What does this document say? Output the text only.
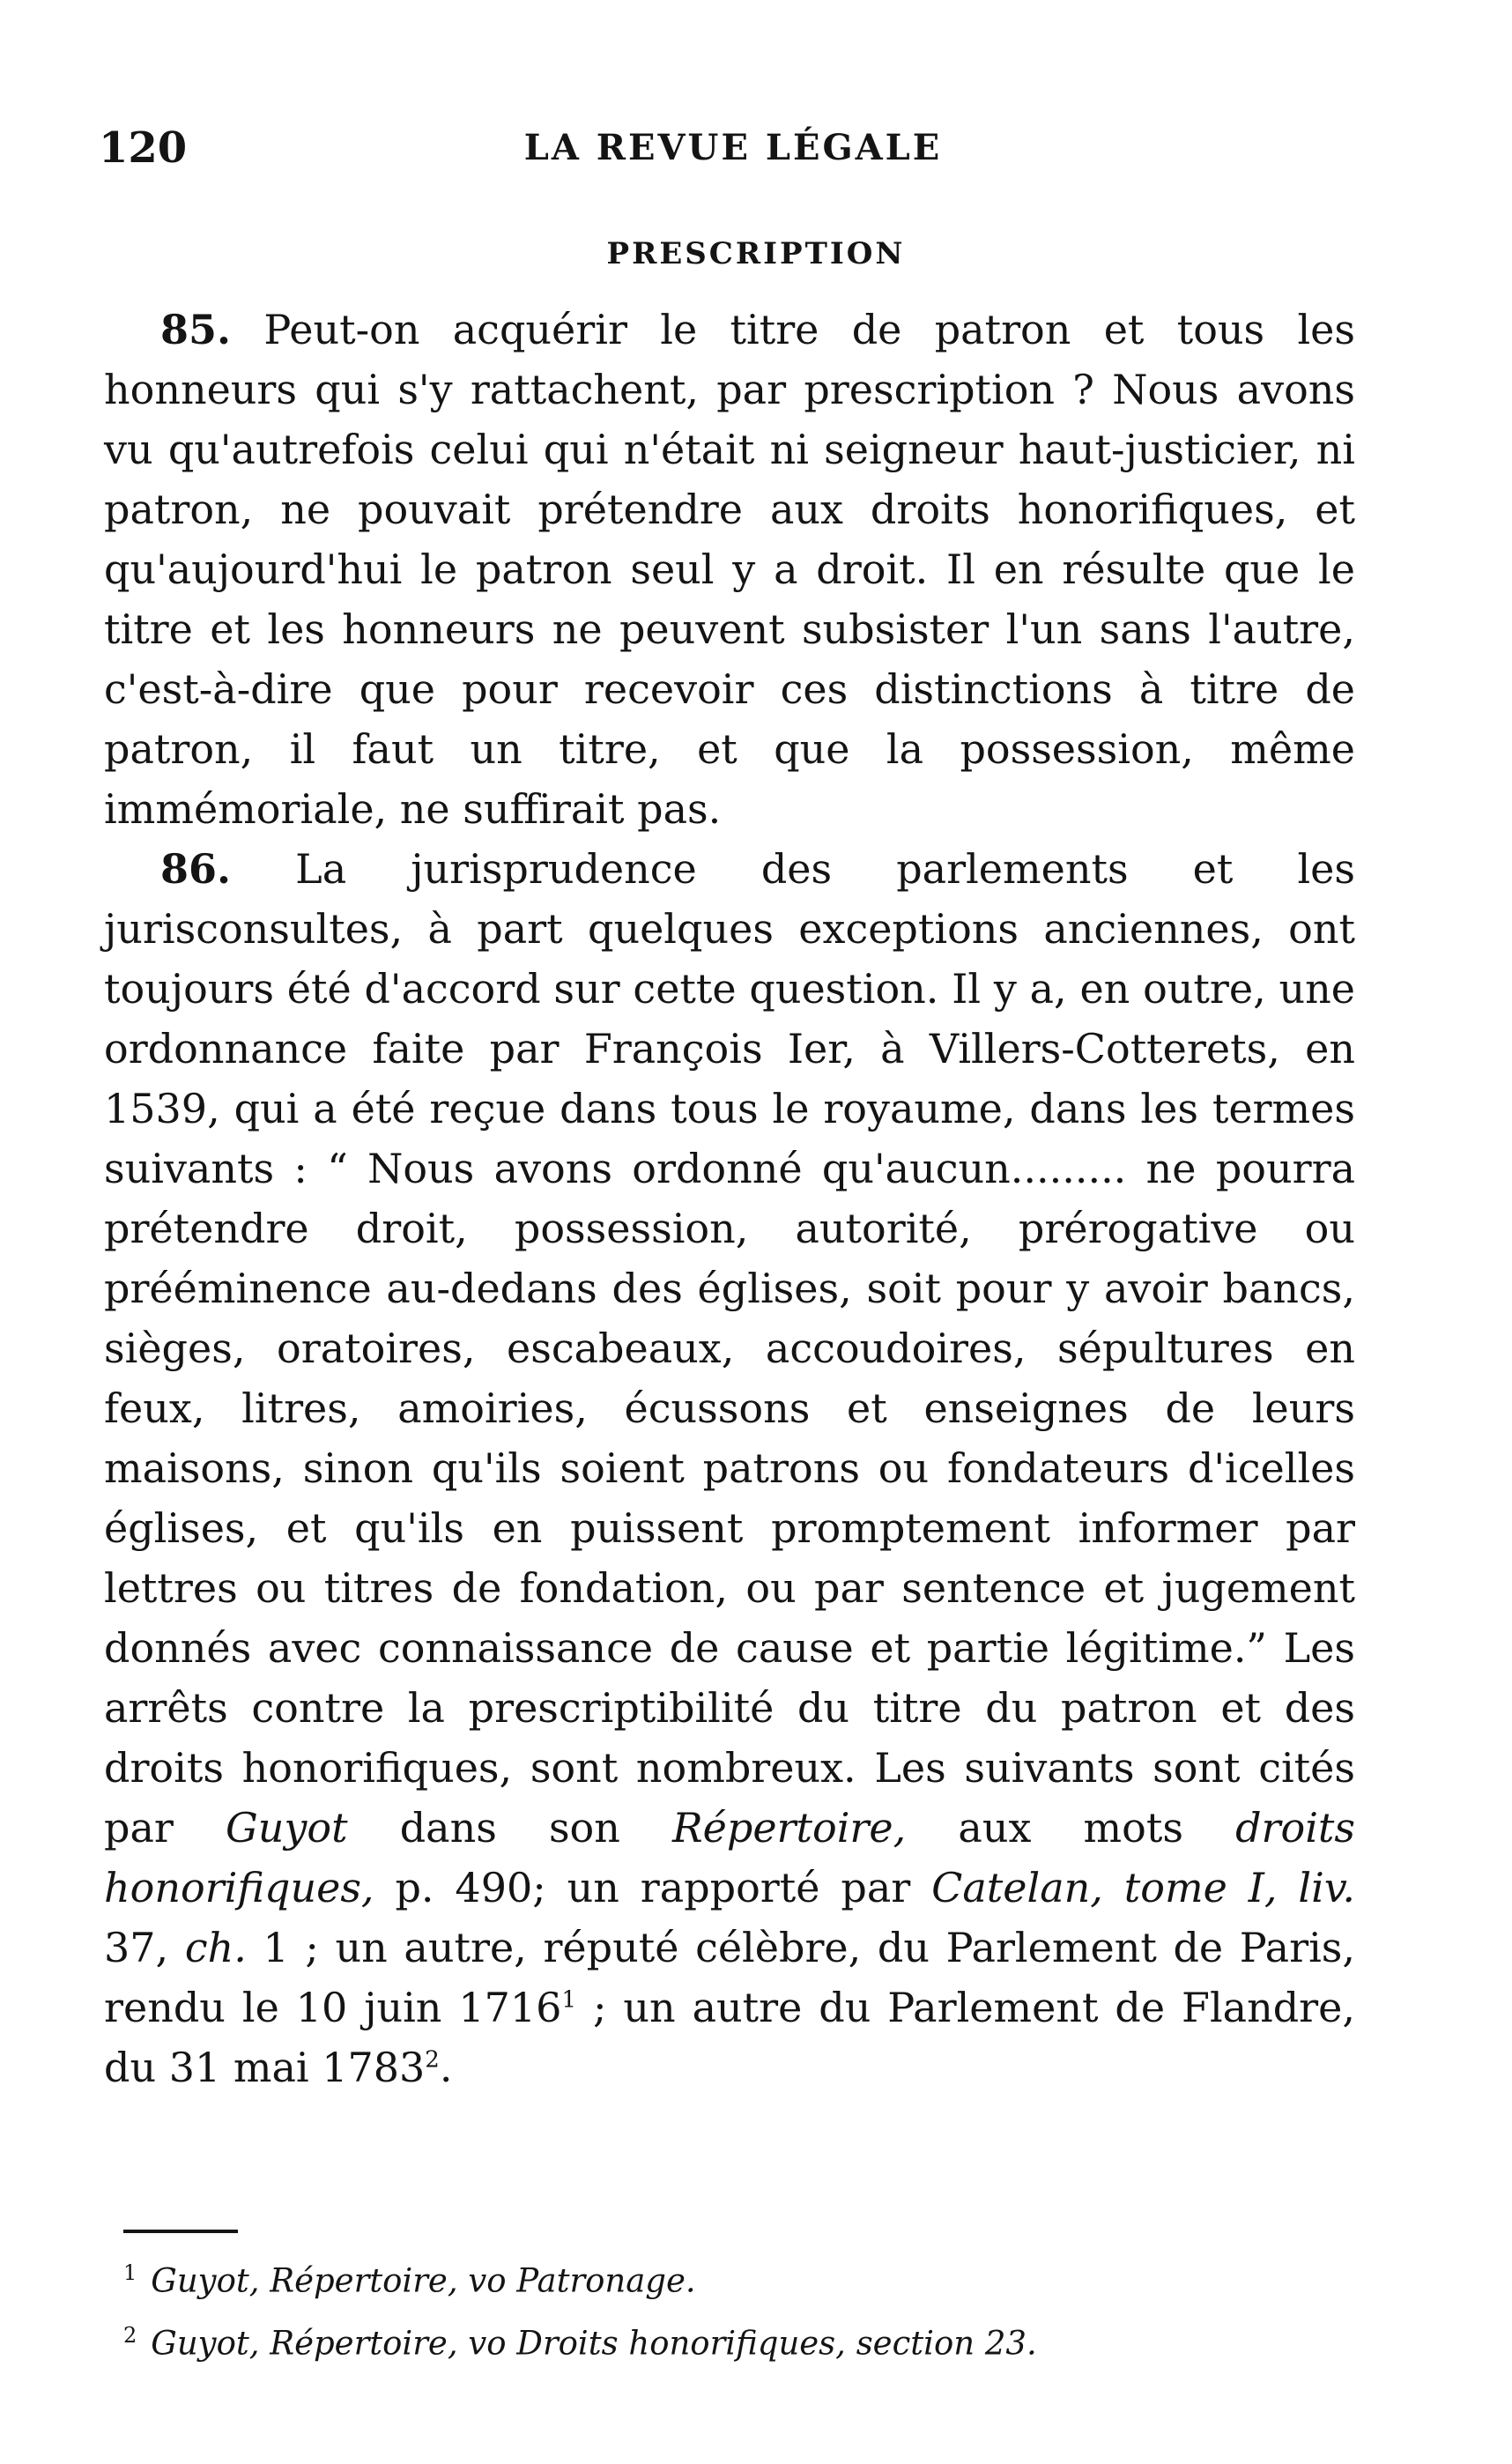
120	LA REVUE LÉGALE
PRESCRIPTION

85. Peut-on acquérir le titre de patron et tous les honneurs qui s'y rattachent, par prescription ? Nous avons vu qu'autrefois celui qui n'était ni seigneur haut-justicier, ni patron, ne pouvait prétendre aux droits honorifiques, et qu'aujourd'hui le patron seul y a droit. Il en résulte que le titre et les honneurs ne peuvent subsister l'un sans l'autre, c'est-à-dire que pour recevoir ces distinctions à titre de patron, il faut un titre, et que la possession, même immémoriale, ne suffirait pas.

86. La jurisprudence des parlements et les jurisconsultes, à part quelques exceptions anciennes, ont toujours été d'accord sur cette question. Il y a, en outre, une ordonnance faite par François Ier, à Villers-Cotterets, en 1539, qui a été reçue dans tous le royaume, dans les termes suivants : “ Nous avons ordonné qu'aucun......... ne pourra prétendre droit, possession, autorité, prérogative ou prééminence au-dedans des églises, soit pour y avoir bancs, sièges, oratoires, escabeaux, accoudoires, sépultures en feux, litres, amoiries, écussons et enseignes de leurs maisons, sinon qu'ils soient patrons ou fondateurs d'icelles églises, et qu'ils en puissent promptement informer par lettres ou titres de fondation, ou par sentence et jugement donnés avec connaissance de cause et partie légitime.” Les arrêts contre la prescriptibilité du titre du patron et des droits honorifiques, sont nombreux. Les suivants sont cités par Guyot dans son Répertoire, aux mots droits honorifiques, p. 490; un rapporté par Catelan, tome I, liv. 37, ch. 1 ; un autre, réputé célèbre, du Parlement de Paris, rendu le 10 juin 1716$^1$ ; un autre du Parlement de Flandre, du 31 mai 1783$^2$.

$^1$ Guyot, Répertoire, vo Patronage.
$^2$ Guyot, Répertoire, vo Droits honorifiques, section 23.
